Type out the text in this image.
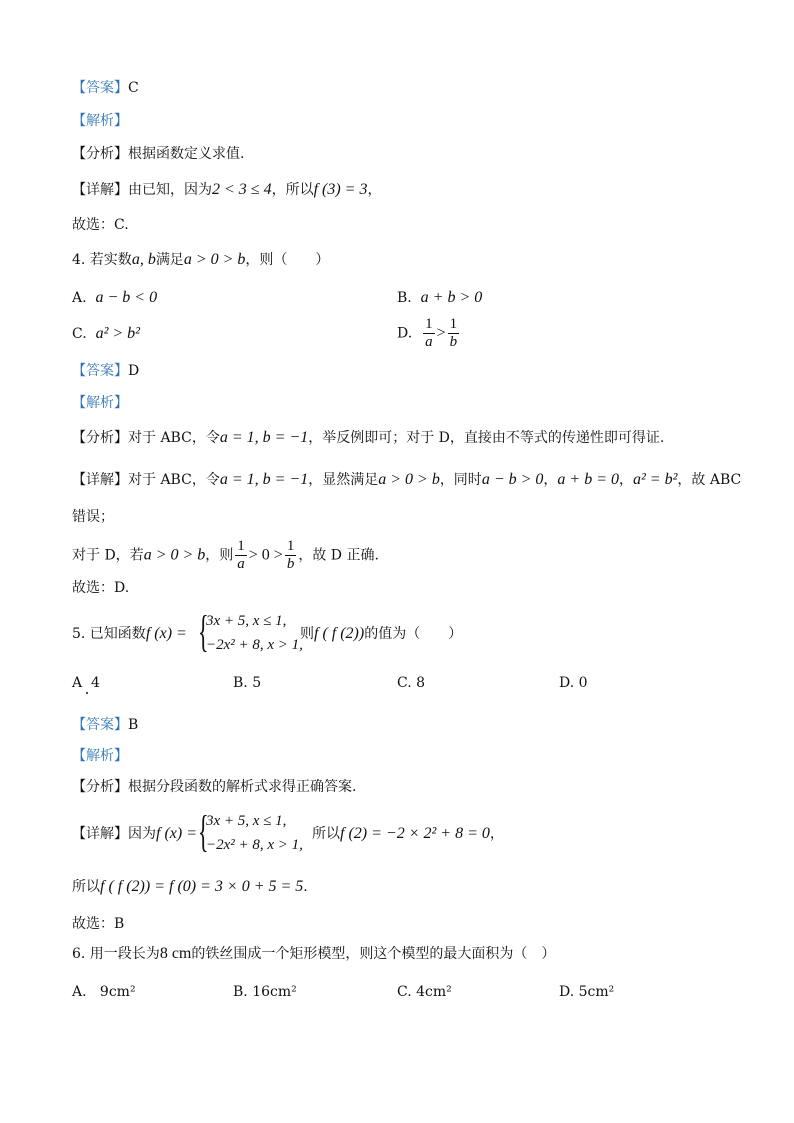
【答案】C
【解析】
【分析】根据函数定义求值.
【详解】由已知，因为2 < 3 ≤ 4，所以f (3) = 3，
故选：C.
4. 若实数a, b满足a > 0 > b，则（　　）
A. a − b < 0	B. a + b > 0
C. a² > b²	D. $\frac{1}{a} > \frac{1}{b}$
【答案】D
【解析】
【分析】对于 ABC，令a = 1, b = −1，举反例即可；对于 D，直接由不等式的传递性即可得证.
【详解】对于 ABC，令a = 1, b = −1，显然满足a > 0 > b，同时a − b > 0，a + b = 0，a² = b²，故 ABC
错误；
对于 D，若a > 0 > b，则 $\frac{1}{a} > 0 > \frac{1}{b}$ ，故 D 正确.
故选：D.
5. 已知函数f (x) = {
3x + 5, x ≤ 1,
−2x² + 8, x > 1,
则f ( f (2))的值为（　　）
A 4	B. 5	C. 8	D. 0
【答案】B
【解析】
【分析】根据分段函数的解析式求得正确答案.
【详解】因为f (x) = {
3x + 5, x ≤ 1,
−2x² + 8, x > 1,
所以f (2) = −2 × 2² + 8 = 0，
所以f ( f (2)) = f (0) = 3 × 0 + 5 = 5.
故选：B
6. 用一段长为8 cm的铁丝围成一个矩形模型，则这个模型的最大面积为（　）
A. 9cm²	B. 16cm²	C. 4cm²	D. 5cm²
